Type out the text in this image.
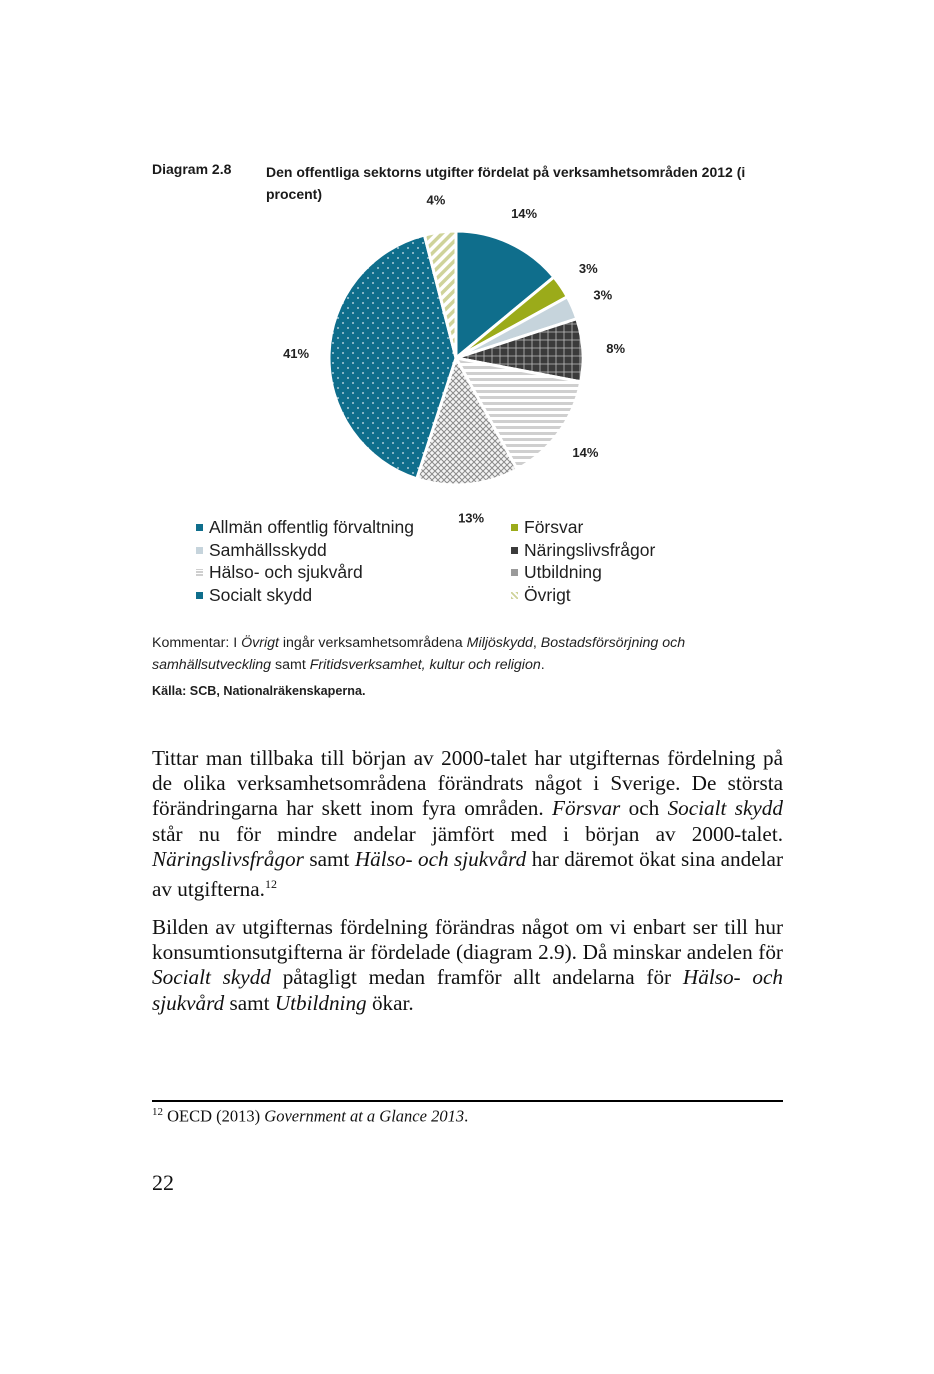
Diagram 2.8 Den offentliga sektorns utgifter fördelat på verksamhetsområden 2012 (i procent)
14%
3%
3%
8%
14%
13%
41%
4%
Allmän offentlig förvaltning	Försvar
Samhällsskydd	Näringslivsfrågor
Hälso- och sjukvård	Utbildning
Socialt skydd	Övrigt
Kommentar: I Övrigt ingår verksamhetsområdena Miljöskydd, Bostadsförsörjning och samhällsutveckling samt Fritidsverksamhet, kultur och religion.
Källa: SCB, Nationalräkenskaperna.
Tittar man tillbaka till början av 2000-talet har utgifternas fördelning på de olika verksamhetsområdena förändrats något i Sverige. De största förändringarna har skett inom fyra områden. Försvar och Socialt skydd står nu för mindre andelar jämfört med i början av 2000-talet. Näringslivsfrågor samt Hälso- och sjukvård har däremot ökat sina andelar av utgifterna.$^{12}$
Bilden av utgifternas fördelning förändras något om vi enbart ser till hur konsumtionsutgifterna är fördelade (diagram 2.9). Då minskar andelen för Socialt skydd påtagligt medan framför allt andelarna för Hälso- och sjukvård samt Utbildning ökar.
$^{12}$ OECD (2013) Government at a Glance 2013.
22
